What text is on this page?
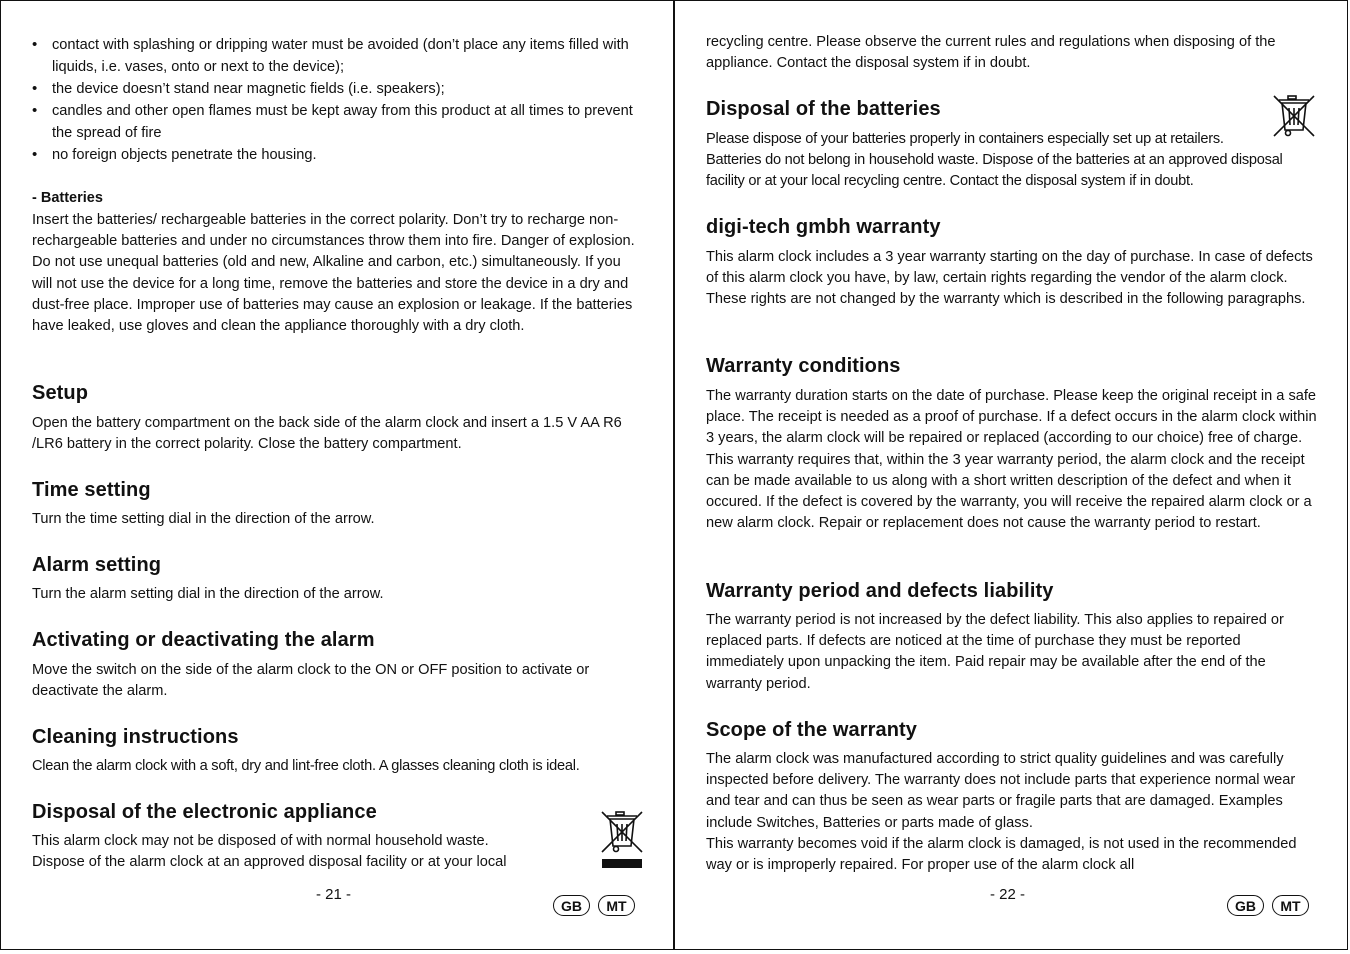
• contact with splashing or dripping water must be avoided (don’t place any items filled with liquids, i.e. vases, onto or next to the device);
• the device doesn’t stand near magnetic fields (i.e. speakers);
• candles and other open flames must be kept away from this product at all times to prevent the spread of fire
• no foreign objects penetrate the housing.
- Batteries

Insert the batteries/ rechargeable batteries in the correct polarity. Don’t try to recharge non-rechargeable batteries and under no circumstances throw them into fire. Danger of explosion. Do not use unequal batteries (old and new, Alkaline and carbon, etc.) simultaneously. If you will not use the device for a long time, remove the batteries and store the device in a dry and dust-free place. Improper use of batteries may cause an explosion or leakage. If the batteries have leaked, use gloves and clean the appliance thoroughly with a dry cloth.

Setup

Open the battery compartment on the back side of the alarm clock and insert a 1.5 V AA R6 /LR6 battery in the correct polarity. Close the battery compartment.

Time setting

Turn the time setting dial in the direction of the arrow.

Alarm setting

Turn the alarm setting dial in the direction of the arrow.

Activating or deactivating the alarm

Move the switch on the side of the alarm clock to the ON or OFF position to activate or deactivate the alarm.

Cleaning instructions

Clean the alarm clock with a soft, dry and lint-free cloth. A glasses cleaning cloth is ideal.

Disposal of the electronic appliance

This alarm clock may not be disposed of with normal household waste.
Dispose of the alarm clock at an approved disposal facility or at your local

- 21 -
GB	MT

recycling centre. Please observe the current rules and regulations when disposing of the appliance. Contact the disposal system if in doubt.

Disposal of the batteries

Please dispose of your batteries properly in containers especially set up at retailers.
Batteries do not belong in household waste. Dispose of the batteries at an approved disposal facility or at your local recycling centre. Contact the disposal system if in doubt.

digi-tech gmbh warranty

This alarm clock includes a 3 year warranty starting on the day of purchase. In case of defects of this alarm clock you have, by law, certain rights regarding the vendor of the alarm clock. These rights are not changed by the warranty which is described in the following paragraphs.

Warranty conditions

The warranty duration starts on the date of purchase. Please keep the original receipt in a safe place. The receipt is needed as a proof of purchase. If a defect occurs in the alarm clock within 3 years, the alarm clock will be repaired or replaced (according to our choice) free of charge. This warranty requires that, within the 3 year warranty period, the alarm clock and the receipt can be made available to us along with a short written description of the defect and when it occured. If the defect is covered by the warranty, you will receive the repaired alarm clock or a new alarm clock. Repair or replacement does not cause the warranty period to restart.

Warranty period and defects liability

The warranty period is not increased by the defect liability. This also applies to repaired or replaced parts. If defects are noticed at the time of purchase they must be reported immediately upon unpacking the item. Paid repair may be available after the end of the warranty period.

Scope of the warranty

The alarm clock was manufactured according to strict quality guidelines and was carefully inspected before delivery. The warranty does not include parts that experience normal wear and tear and can thus be seen as wear parts or fragile parts that are damaged. Examples include Switches, Batteries or parts made of glass.
This warranty becomes void if the alarm clock is damaged, is not used in the recommended way or is improperly repaired. For proper use of the alarm clock all

- 22 -
GB	MT
